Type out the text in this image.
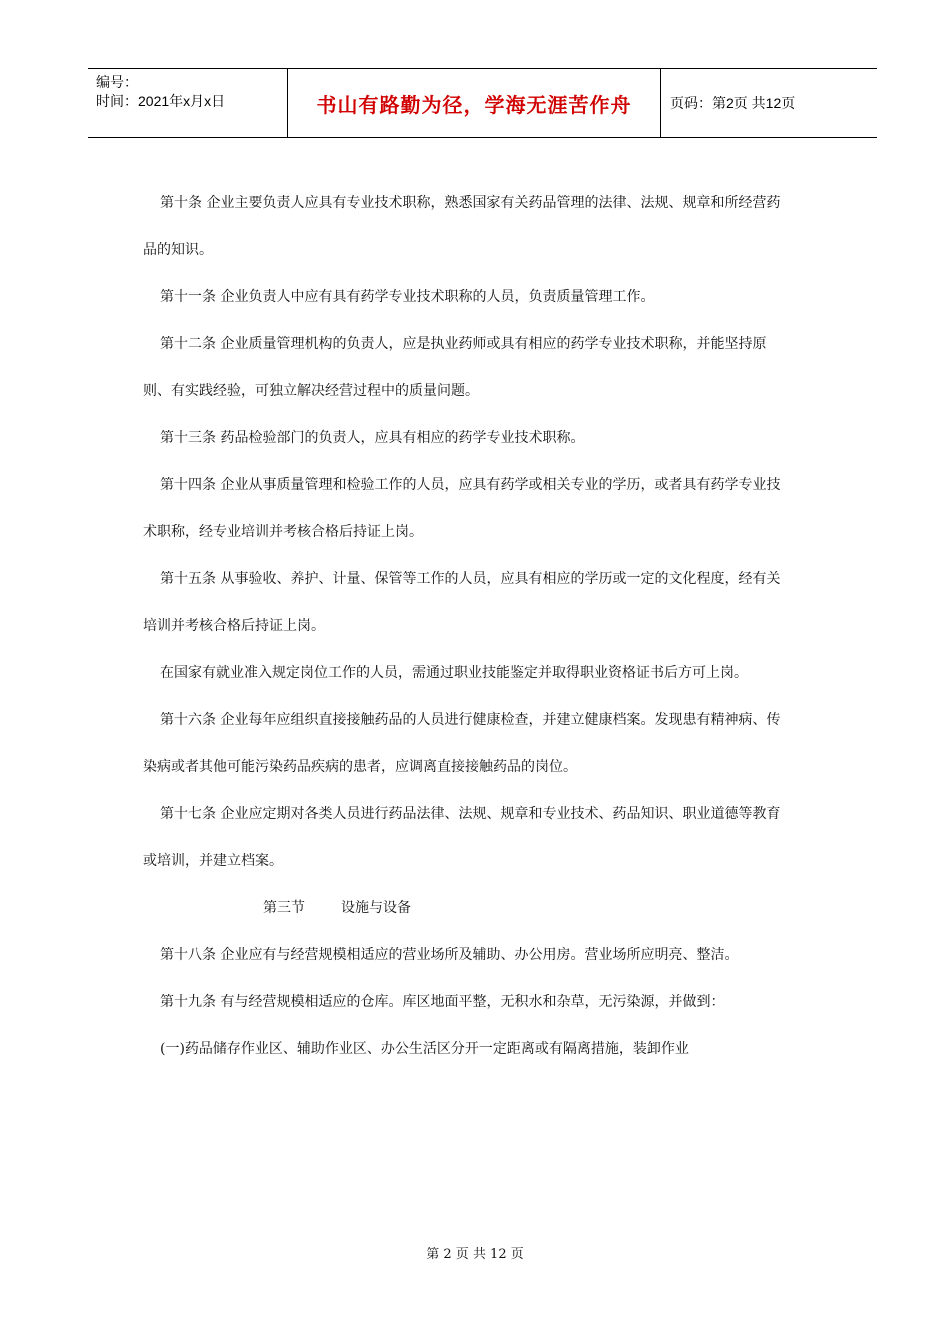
编号：
时间：2021年x月x日	书山有路勤为径，学海无涯苦作舟	页码：第2页 共12页

第十条 企业主要负责人应具有专业技术职称，熟悉国家有关药品管理的法律、法规、规章和所经营药品的知识。

第十一条 企业负责人中应有具有药学专业技术职称的人员，负责质量管理工作。

第十二条 企业质量管理机构的负责人，应是执业药师或具有相应的药学专业技术职称，并能坚持原则、有实践经验，可独立解决经营过程中的质量问题。

第十三条 药品检验部门的负责人，应具有相应的药学专业技术职称。

第十四条 企业从事质量管理和检验工作的人员，应具有药学或相关专业的学历，或者具有药学专业技术职称，经专业培训并考核合格后持证上岗。

第十五条 从事验收、养护、计量、保管等工作的人员，应具有相应的学历或一定的文化程度，经有关培训并考核合格后持证上岗。

在国家有就业准入规定岗位工作的人员，需通过职业技能鉴定并取得职业资格证书后方可上岗。

第十六条 企业每年应组织直接接触药品的人员进行健康检查，并建立健康档案。发现患有精神病、传染病或者其他可能污染药品疾病的患者，应调离直接接触药品的岗位。

第十七条 企业应定期对各类人员进行药品法律、法规、规章和专业技术、药品知识、职业道德等教育或培训，并建立档案。

第三节	设施与设备

第十八条 企业应有与经营规模相适应的营业场所及辅助、办公用房。营业场所应明亮、整洁。

第十九条 有与经营规模相适应的仓库。库区地面平整，无积水和杂草，无污染源，并做到：

(一)药品储存作业区、辅助作业区、办公生活区分开一定距离或有隔离措施，装卸作业

第 2 页 共 12 页
